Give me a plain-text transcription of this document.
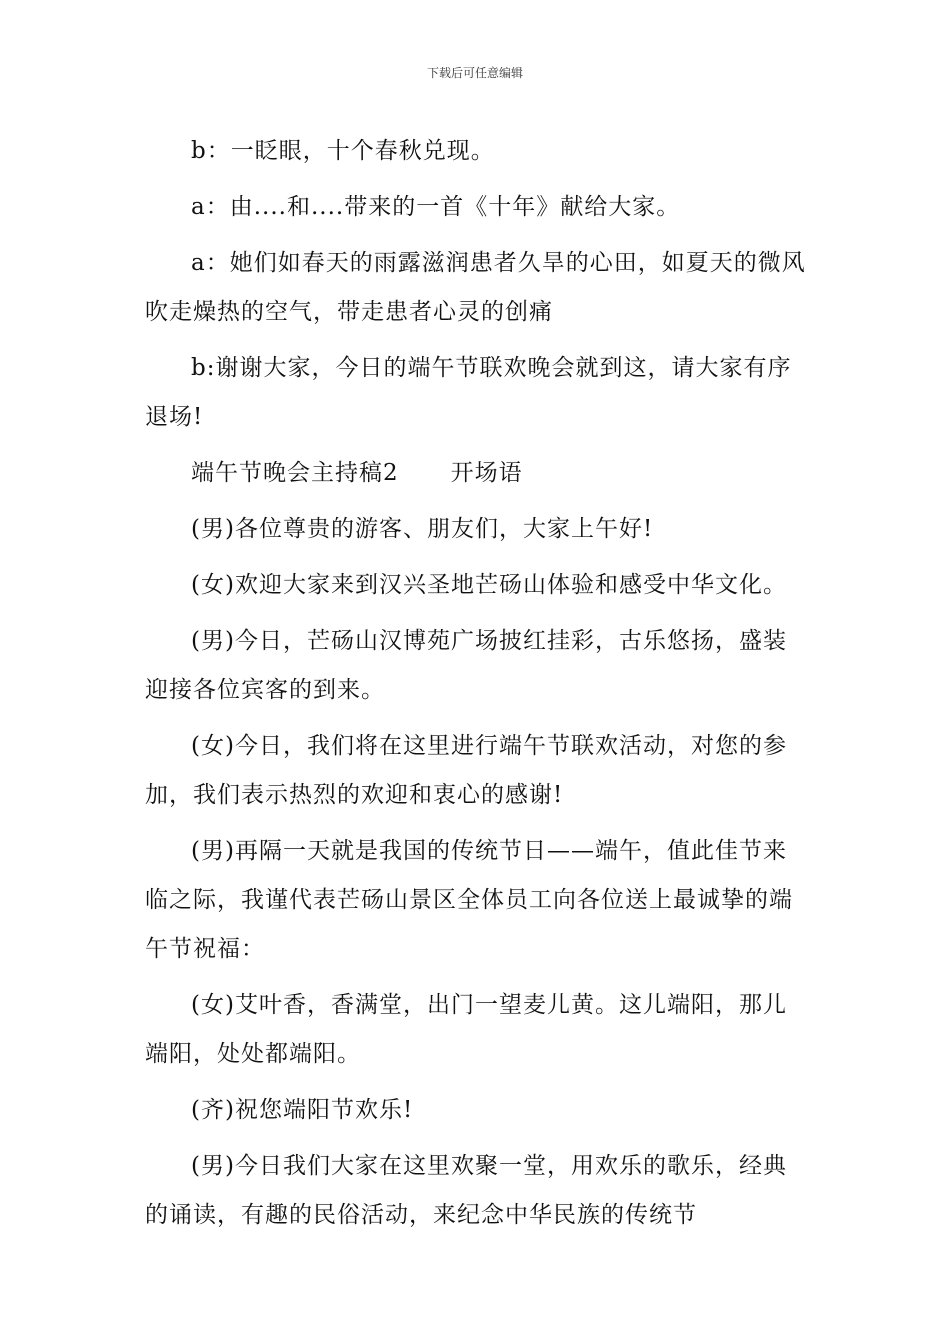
下载后可任意编辑

b：一眨眼，十个春秋兑现。

a：由....和....带来的一首《十年》献给大家。

a：她们如春天的雨露滋润患者久旱的心田，如夏天的微风吹走燥热的空气，带走患者心灵的创痛

b:谢谢大家，今日的端午节联欢晚会就到这，请大家有序退场!

端午节晚会主持稿2 开场语

(男)各位尊贵的游客、朋友们，大家上午好!

(女)欢迎大家来到汉兴圣地芒砀山体验和感受中华文化。

(男)今日，芒砀山汉博苑广场披红挂彩，古乐悠扬，盛装迎接各位宾客的到来。

(女)今日，我们将在这里进行端午节联欢活动，对您的参加，我们表示热烈的欢迎和衷心的感谢!

(男)再隔一天就是我国的传统节日——端午，值此佳节来临之际，我谨代表芒砀山景区全体员工向各位送上最诚挚的端午节祝福：

(女)艾叶香，香满堂，出门一望麦儿黄。这儿端阳，那儿端阳，处处都端阳。

(齐)祝您端阳节欢乐!

(男)今日我们大家在这里欢聚一堂，用欢乐的歌乐，经典的诵读，有趣的民俗活动，来纪念中华民族的传统节
